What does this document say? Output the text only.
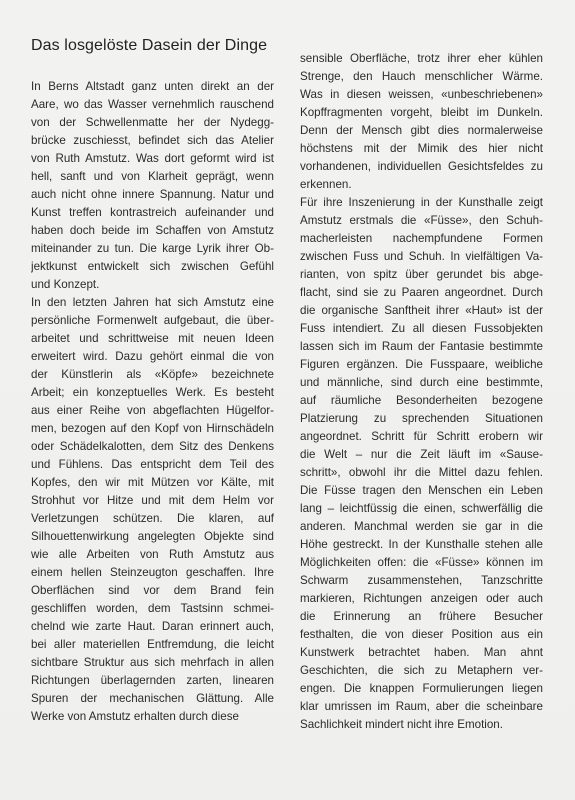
Das losgelöste Dasein der Dinge

In Berns Altstadt ganz unten direkt an der
Aare, wo das Wasser vernehmlich rauschend
von der Schwellenmatte her der Nydegg-
brücke zuschiesst, befindet sich das Atelier
von Ruth Amstutz. Was dort geformt wird ist
hell, sanft und von Klarheit geprägt, wenn
auch nicht ohne innere Spannung. Natur und
Kunst treffen kontrastreich aufeinander und
haben doch beide im Schaffen von Amstutz
miteinander zu tun. Die karge Lyrik ihrer Ob-
jektkunst entwickelt sich zwischen Gefühl
und Konzept.

In den letzten Jahren hat sich Amstutz eine
persönliche Formenwelt aufgebaut, die über-
arbeitet und schrittweise mit neuen Ideen
erweitert wird. Dazu gehört einmal die von
der Künstlerin als «Köpfe» bezeichnete
Arbeit; ein konzeptuelles Werk. Es besteht
aus einer Reihe von abgeflachten Hügelfor-
men, bezogen auf den Kopf von Hirnschädeln
oder Schädelkalotten, dem Sitz des Denkens
und Fühlens. Das entspricht dem Teil des
Kopfes, den wir mit Mützen vor Kälte, mit
Strohhut vor Hitze und mit dem Helm vor
Verletzungen schützen. Die klaren, auf
Silhouettenwirkung angelegten Objekte sind
wie alle Arbeiten von Ruth Amstutz aus
einem hellen Steinzeugton geschaffen. Ihre
Oberflächen sind vor dem Brand fein
geschliffen worden, dem Tastsinn schmei-
chelnd wie zarte Haut. Daran erinnert auch,
bei aller materiellen Entfremdung, die leicht
sichtbare Struktur aus sich mehrfach in allen
Richtungen überlagernden zarten, linearen
Spuren der mechanischen Glättung. Alle
Werke von Amstutz erhalten durch diese

sensible Oberfläche, trotz ihrer eher kühlen
Strenge, den Hauch menschlicher Wärme.
Was in diesen weissen, «unbeschriebenen»
Kopffragmenten vorgeht, bleibt im Dunkeln.
Denn der Mensch gibt dies normalerweise
höchstens mit der Mimik des hier nicht
vorhandenen, individuellen Gesichtsfeldes zu
erkennen.

Für ihre Inszenierung in der Kunsthalle zeigt
Amstutz erstmals die «Füsse», den Schuh-
macherleisten nachempfundene Formen
zwischen Fuss und Schuh. In vielfältigen Va-
rianten, von spitz über gerundet bis abge-
flacht, sind sie zu Paaren angeordnet. Durch
die organische Sanftheit ihrer «Haut» ist der
Fuss intendiert. Zu all diesen Fussobjekten
lassen sich im Raum der Fantasie bestimmte
Figuren ergänzen. Die Fusspaare, weibliche
und männliche, sind durch eine bestimmte,
auf räumliche Besonderheiten bezogene
Platzierung zu sprechenden Situationen
angeordnet. Schritt für Schritt erobern wir
die Welt – nur die Zeit läuft im «Sause-
schritt», obwohl ihr die Mittel dazu fehlen.
Die Füsse tragen den Menschen ein Leben
lang – leichtfüssig die einen, schwerfällig die
anderen. Manchmal werden sie gar in die
Höhe gestreckt. In der Kunsthalle stehen alle
Möglichkeiten offen: die «Füsse» können im
Schwarm zusammenstehen, Tanzschritte
markieren, Richtungen anzeigen oder auch
die Erinnerung an frühere Besucher
festhalten, die von dieser Position aus ein
Kunstwerk betrachtet haben. Man ahnt
Geschichten, die sich zu Metaphern ver-
engen. Die knappen Formulierungen liegen
klar umrissen im Raum, aber die scheinbare
Sachlichkeit mindert nicht ihre Emotion.
